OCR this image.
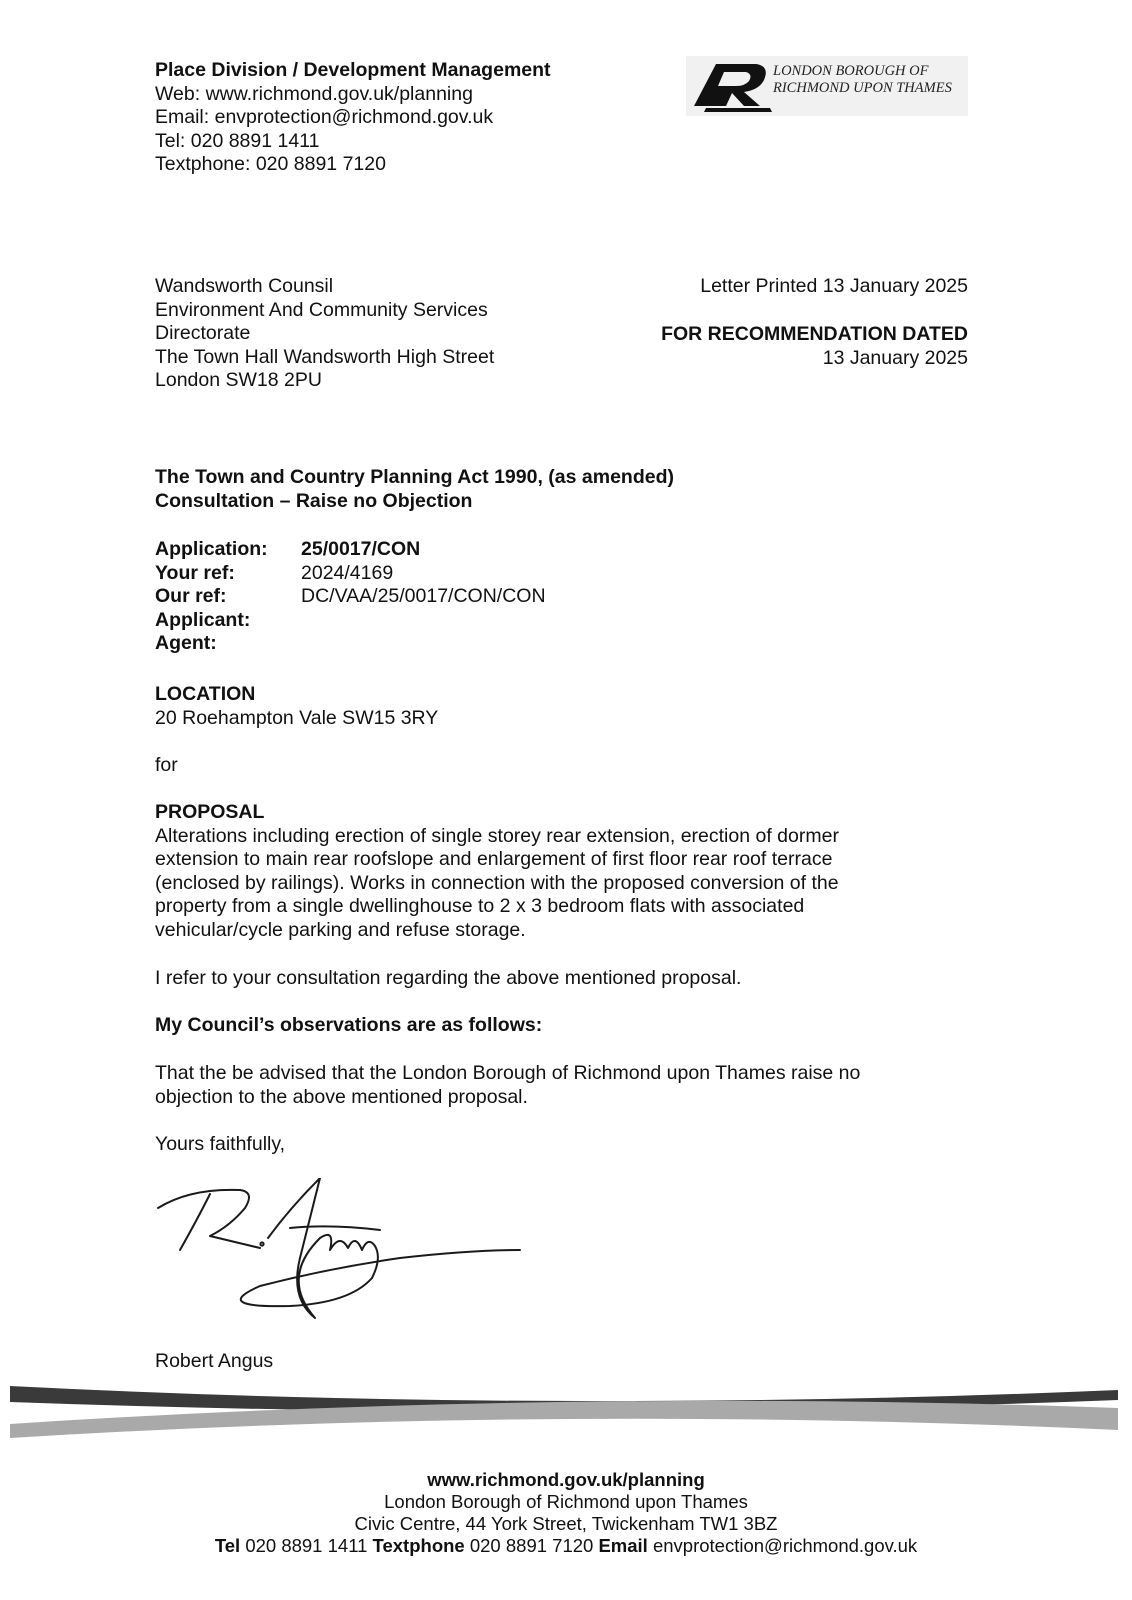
Place Division / Development Management
Web: www.richmond.gov.uk/planning
Email: envprotection@richmond.gov.uk
Tel: 020 8891 1411
Textphone: 020 8891 7120
LONDON BOROUGH OF
RICHMOND UPON THAMES
Wandsworth Counsil
Environment And Community Services
Directorate
The Town Hall Wandsworth High Street
London SW18 2PU
Letter Printed 13 January 2025
FOR RECOMMENDATION DATED
13 January 2025
The Town and Country Planning Act 1990, (as amended)
Consultation – Raise no Objection
Application:	25/0017/CON
Your ref:	2024/4169
Our ref:	DC/VAA/25/0017/CON/CON
Applicant:
Agent:
LOCATION
20 Roehampton Vale SW15 3RY
for
PROPOSAL
Alterations including erection of single storey rear extension, erection of dormer
extension to main rear roofslope and enlargement of first floor rear roof terrace
(enclosed by railings). Works in connection with the proposed conversion of the
property from a single dwellinghouse to 2 x 3 bedroom flats with associated
vehicular/cycle parking and refuse storage.
I refer to your consultation regarding the above mentioned proposal.
My Council’s observations are as follows:
That the be advised that the London Borough of Richmond upon Thames raise no
objection to the above mentioned proposal.
Yours faithfully,
Robert Angus
www.richmond.gov.uk/planning
London Borough of Richmond upon Thames
Civic Centre, 44 York Street, Twickenham TW1 3BZ
Tel 020 8891 1411 Textphone 020 8891 7120 Email envprotection@richmond.gov.uk
